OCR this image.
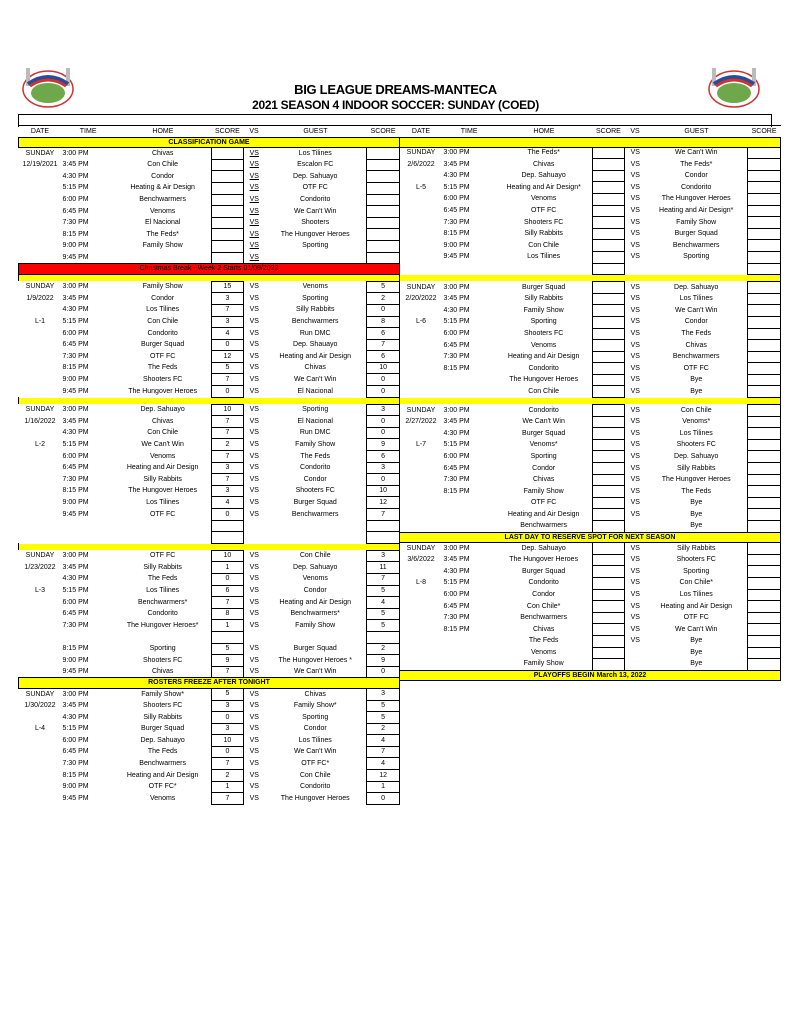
BIG LEAGUE DREAMS-MANTECA
2021 SEASON 4 INDOOR SOCCER: SUNDAY (COED)
DATE	TIME	HOME	SCORE	VS	GUEST	SCORE
CLASSIFICATION GAME						
SUNDAY	3:00 PM	Chivas		VS	Los Tilines	
12/19/2021	3:45 PM	Con Chile		VS	Escalon FC	
	4:30 PM	Condor		VS	Dep. Sahuayo	
	5:15 PM	Heating & Air Design		VS	OTF FC	
	6:00 PM	Benchwarmers		VS	Condorito	
	6:45 PM	Venoms		VS	We Can't Win	
	7:30 PM	El Nacional		VS	Shooters	
	8:15 PM	The Feds*		VS	The Hungover Heroes	
	9:00 PM	Family Show		VS	Sporting	
	9:45 PM			VS		
Christmas Break - Week 2 Starts 01/09/2022						

SUNDAY	3:00 PM	Family Show	15	VS	Venoms	5
1/9/2022	3:45 PM	Condor	3	VS	Sporting	2
	4:30 PM	Los Tilines	7	VS	Silly Rabbits	0
L-1	5:15 PM	Con Chile	3	VS	Benchwarmers	8
	6:00 PM	Condorito	4	VS	Run DMC	6
	6:45 PM	Burger Squad	0	VS	Dep. Shauayo	7
	7:30 PM	OTF FC	12	VS	Heating and Air Design	6
	8:15 PM	The Feds	5	VS	Chivas	10
	9:00 PM	Shooters FC	7	VS	We Can't Win	0
	9:45 PM	The Hungover Heroes	0	VS	El Nacional	0

SUNDAY	3:00 PM	Dep. Sahuayo	10	VS	Sporting	3
1/16/2022	3:45 PM	Chivas	7	VS	El Nacional	0
	4:30 PM	Con Chile	7	VS	Run DMC	0
L-2	5:15 PM	We Can't Win	2	VS	Family Show	9
	6:00 PM	Venoms	7	VS	The Feds	6
	6:45 PM	Heating and Air Design	3	VS	Condorito	3
	7:30 PM	Silly Rabbits	7	VS	Condor	0
	8:15 PM	The Hungover Heroes	3	VS	Shooters FC	10
	9:00 PM	Los Tilines	4	VS	Burger Squad	12
	9:45 PM	OTF FC	0	VS	Benchwarmers	7

SUNDAY	3:00 PM	OTF FC	10	VS	Con Chile	3
1/23/2022	3:45 PM	Silly Rabbits	1	VS	Dep. Sahuayo	11
	4:30 PM	The Feds	0	VS	Venoms	7
L-3	5:15 PM	Los Tilines	6	VS	Condor	5
	6:00 PM	Benchwarmers*	7	VS	Heating and Air Design	4
	6:45 PM	Condorito	8	VS	Benchwarmers*	5
	7:30 PM	The Hungover Heroes*	1	VS	Family Show	5

	8:15 PM	Sporting	5	VS	Burger Squad	2
	9:00 PM	Shooters FC	9	VS	The Hungover Heroes *	9
	9:45 PM	Chivas	7	VS	We Can't Win	0
ROSTERS FREEZE AFTER TONIGHT						
SUNDAY	3:00 PM	Family Show*	5	VS	Chivas	3
1/30/2022	3:45 PM	Shooters FC	3	VS	Family Show*	5
	4:30 PM	Silly Rabbits	0	VS	Sporting	5
L-4	5:15 PM	Burger Squad	3	VS	Condor	2
	6:00 PM	Dep. Sahuayo	10	VS	Los Tilines	4
	6:45 PM	The Feds	0	VS	We Can't Win	7
	7:30 PM	Benchwarmers	7	VS	OTF FC*	4
	8:15 PM	Heating and Air Design	2	VS	Con Chile	12
	9:00 PM	OTF FC*	1	VS	Condorito	1
	9:45 PM	Venoms	7	VS	The Hungover Heroes	0
DATE	TIME	HOME	SCORE	VS	GUEST	SCORE

SUNDAY	3:00 PM	The Feds*		VS	We Can't Win	
2/6/2022	3:45 PM	Chivas		VS	The Feds*	
	4:30 PM	Dep. Sahuayo		VS	Condor	
L-5	5:15 PM	Heating and Air Design*		VS	Condorito	
	6:00 PM	Venoms		VS	The Hungover Heroes	
	6:45 PM	OTF FC		VS	Heating and Air Design*	
	7:30 PM	Shooters FC		VS	Family Show	
	8:15 PM	Silly Rabbits		VS	Burger Squad	
	9:00 PM	Con Chile		VS	Benchwarmers	
	9:45 PM	Los Tilines		VS	Sporting	

SUNDAY	3:00 PM	Burger Squad		VS	Dep. Sahuayo	
2/20/2022	3:45 PM	Silly Rabbits		VS	Los Tilines	
	4:30 PM	Family Show		VS	We Can't Win	
L-6	5:15 PM	Sporting		VS	Condor	
	6:00 PM	Shooters FC		VS	The Feds	
	6:45 PM	Venoms		VS	Chivas	
	7:30 PM	Heating and Air Design		VS	Benchwarmers	
	8:15 PM	Condorito		VS	OTF FC	
		The Hungover Heroes		VS	Bye	
		Con Chile		VS	Bye	

SUNDAY	3:00 PM	Condorito		VS	Con Chile	
2/27/2022	3:45 PM	We Can't Win		VS	Venoms*	
	4:30 PM	Burger Squad		VS	Los Tilines	
L-7	5:15 PM	Venoms*		VS	Shooters FC	
	6:00 PM	Sporting		VS	Dep. Sahuayo	
	6:45 PM	Condor		VS	Silly Rabbits	
	7:30 PM	Chivas		VS	The Hungover Heroes	
	8:15 PM	Family Show		VS	The Feds	
		OTF FC		VS	Bye	
		Heating and Air Design		VS	Bye	
		Benchwarmers			Bye	
LAST DAY TO RESERVE SPOT FOR NEXT SEASON						
SUNDAY	3:00 PM	Dep. Sahuayo		VS	Silly Rabbits	
3/6/2022	3:45 PM	The Hungover Heroes		VS	Shooters FC	
	4:30 PM	Burger Squad		VS	Sporting	
L-8	5:15 PM	Condorito		VS	Con Chile*	
	6:00 PM	Condor		VS	Los Tilines	
	6:45 PM	Con Chile*		VS	Heating and Air Design	
	7:30 PM	Benchwarmers		VS	OTF FC	
	8:15 PM	Chivas		VS	We Can't Win	
		The Feds		VS	Bye	
		Venoms			Bye	
		Family Show			Bye	
PLAYOFFS BEGIN March 13, 2022						
